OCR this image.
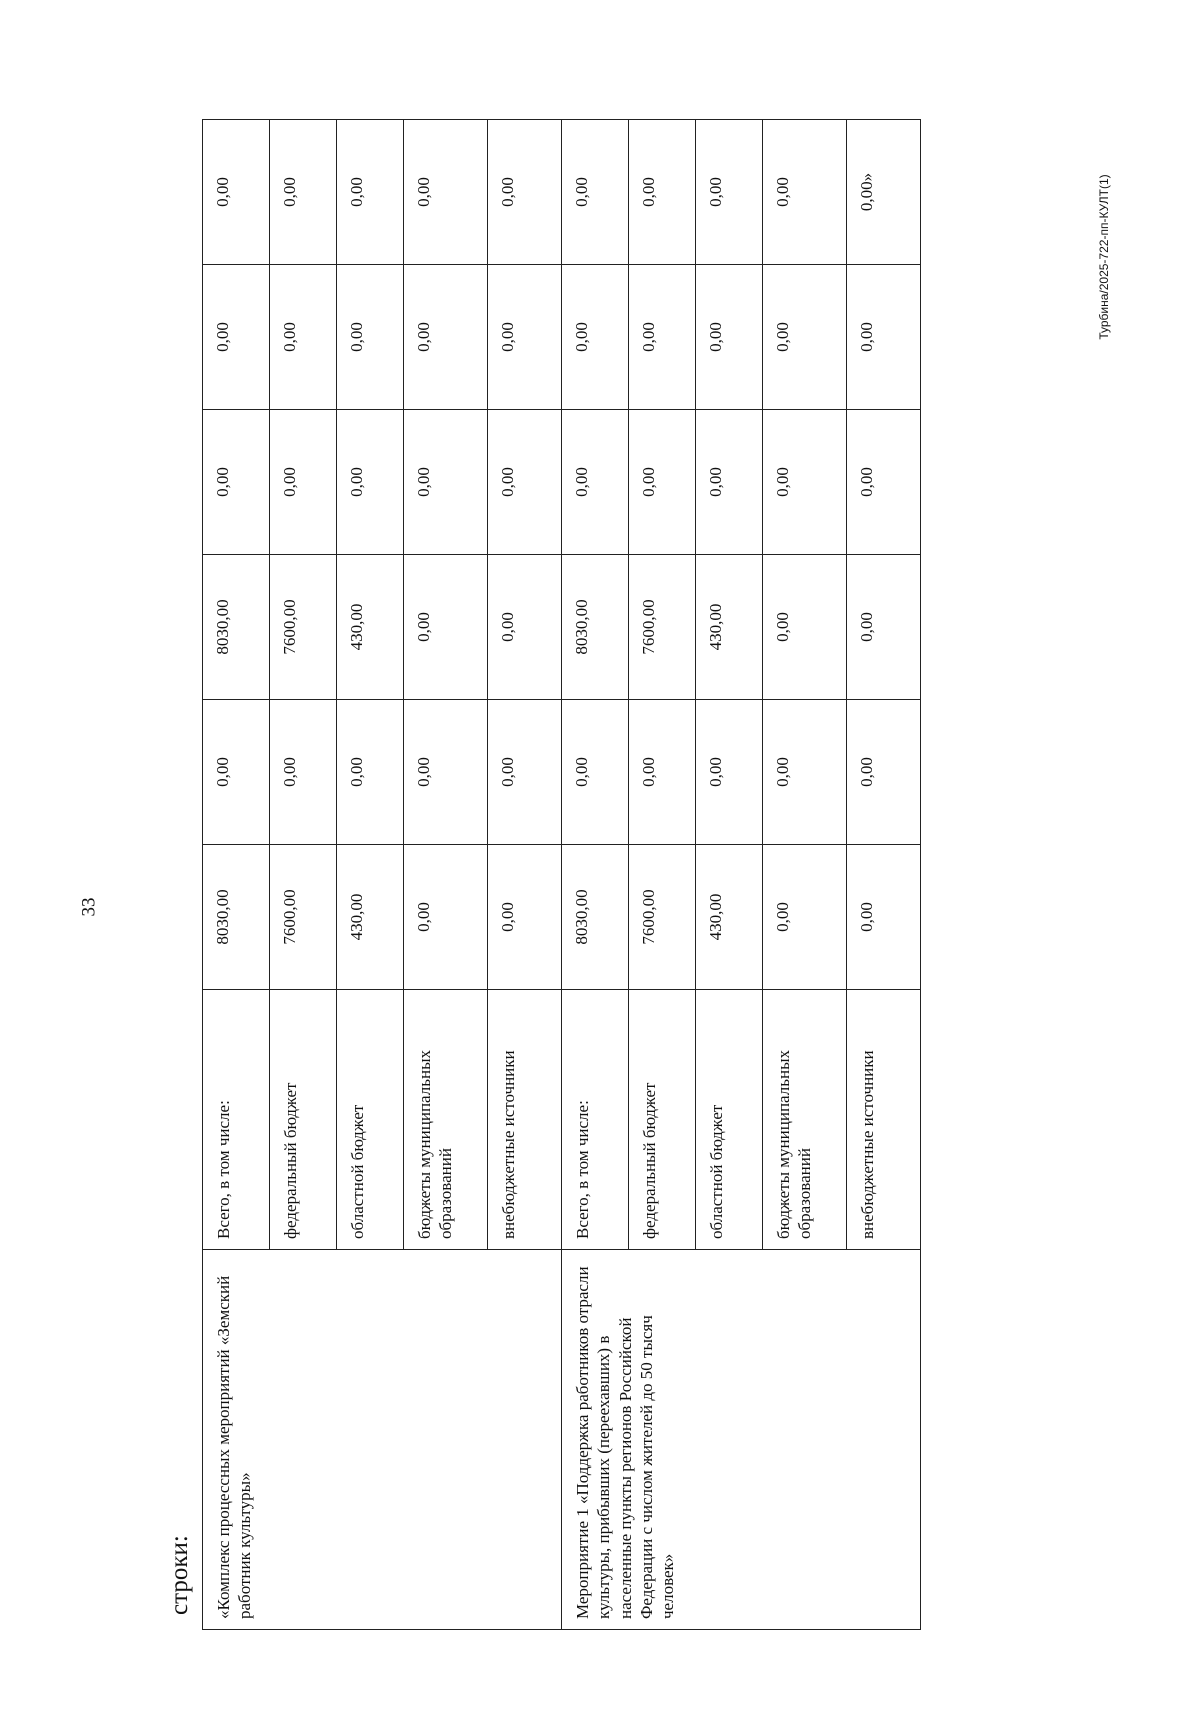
33
Турбина/2025-722-пп-КУЛТ(1)
строки:	«Комплекс процессных мероприятий «Земский работник культуры»	Всего, в том числе:	8030,00	0,00	8030,00	0,00	0,00	0,00
	федеральный бюджет	7600,00	0,00	7600,00	0,00	0,00	0,00
	областной бюджет	430,00	0,00	430,00	0,00	0,00	0,00
	бюджеты муниципальных образований	0,00	0,00	0,00	0,00	0,00	0,00
	внебюджетные источники	0,00	0,00	0,00	0,00	0,00	0,00
Мероприятие 1 «Поддержка работников отрасли культуры, прибывших (переехавших) в населенные пункты регионов Российской Федерации с числом жителей до 50 тысяч человек»	Всего, в том числе:	8030,00	0,00	8030,00	0,00	0,00	0,00
	федеральный бюджет	7600,00	0,00	7600,00	0,00	0,00	0,00
	областной бюджет	430,00	0,00	430,00	0,00	0,00	0,00
	бюджеты муниципальных образований	0,00	0,00	0,00	0,00	0,00	0,00
	внебюджетные источники	0,00	0,00	0,00	0,00	0,00	0,00»
